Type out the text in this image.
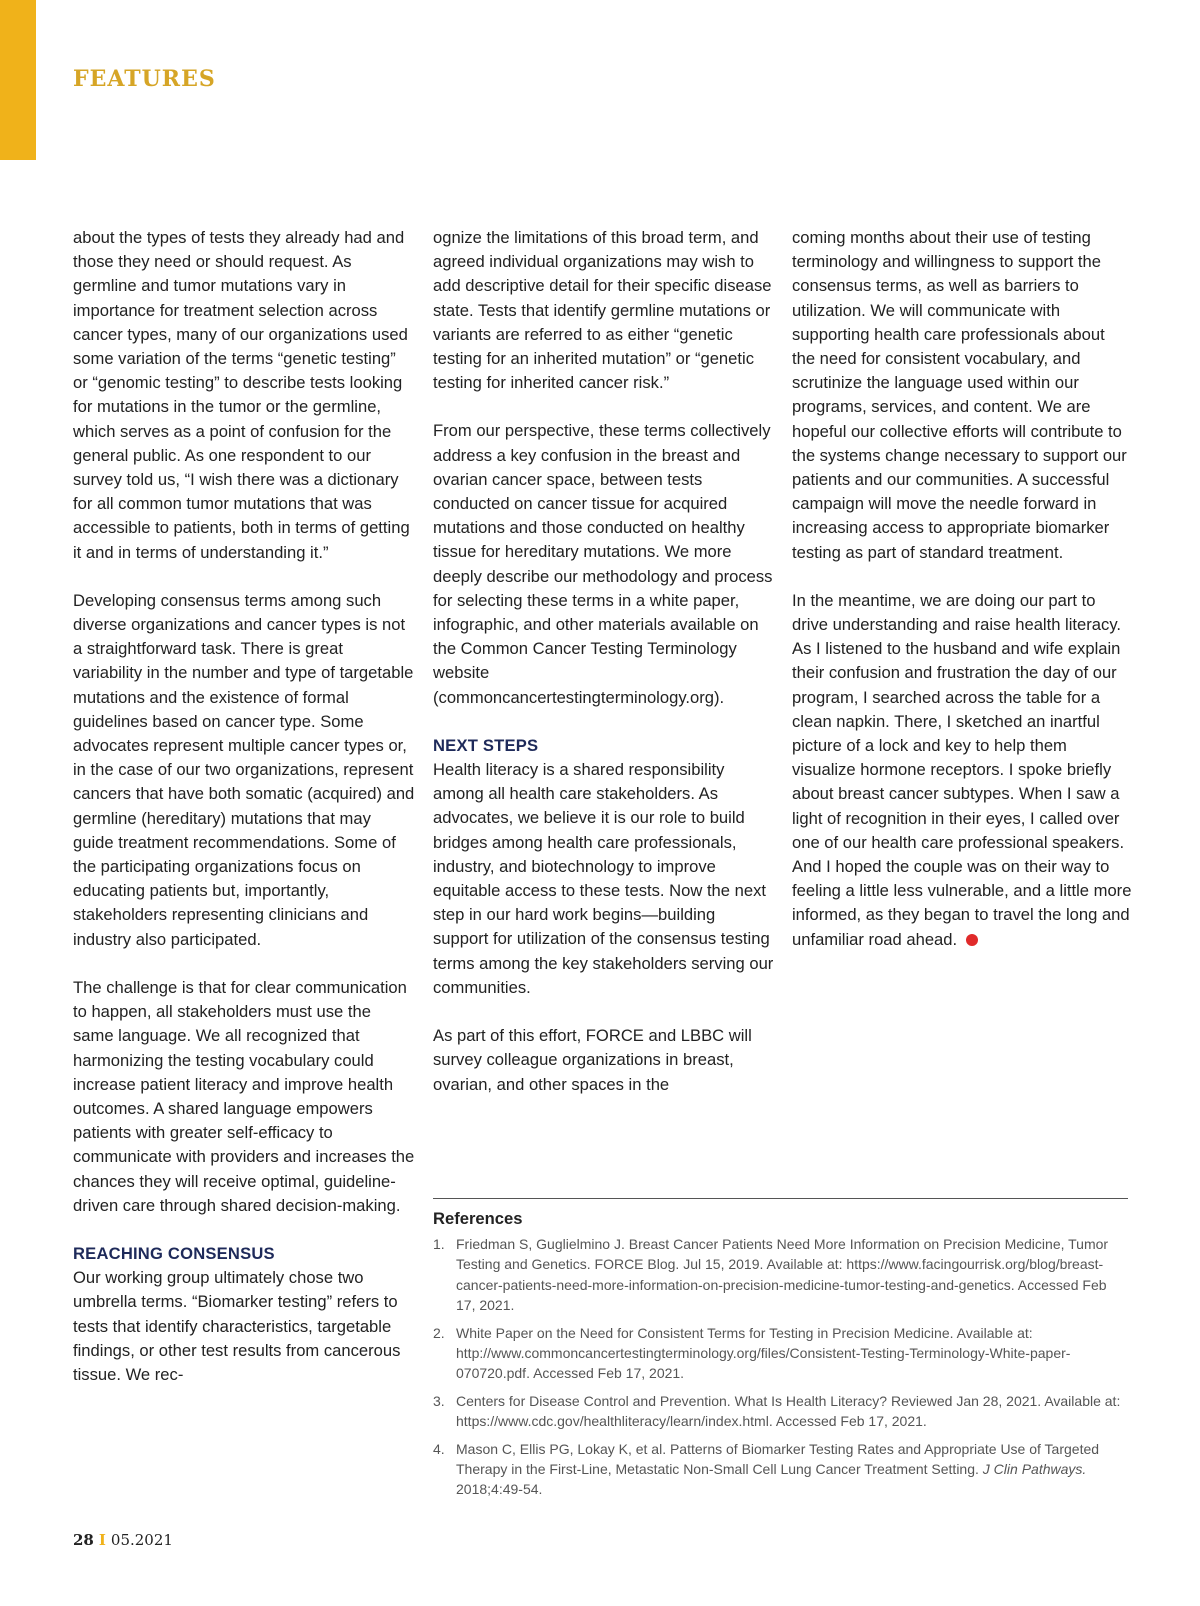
FEATURES

about the types of tests they already had and those they need or should request. As germline and tumor mutations vary in importance for treatment selection across cancer types, many of our organizations used some variation of the terms “genetic testing” or “genomic testing” to describe tests looking for mutations in the tumor or the germline, which serves as a point of confusion for the general public. As one respondent to our survey told us, “I wish there was a dictionary for all common tumor mutations that was accessible to patients, both in terms of getting it and in terms of understanding it.”

Developing consensus terms among such diverse organizations and cancer types is not a straightforward task. There is great variability in the number and type of targetable mutations and the existence of formal guidelines based on cancer type. Some advocates represent multiple cancer types or, in the case of our two organizations, represent cancers that have both somatic (acquired) and germline (hereditary) mutations that may guide treatment recommendations. Some of the participating organizations focus on educating patients but, importantly, stakeholders representing clinicians and industry also participated.

The challenge is that for clear communication to happen, all stakeholders must use the same language. We all recognized that harmonizing the testing vocabulary could increase patient literacy and improve health outcomes. A shared language empowers patients with greater self-efficacy to communicate with providers and increases the chances they will receive optimal, guideline-driven care through shared decision-making.

REACHING CONSENSUS

Our working group ultimately chose two umbrella terms. “Biomarker testing” refers to tests that identify characteristics, targetable findings, or other test results from cancerous tissue. We rec-

ognize the limitations of this broad term, and agreed individual organizations may wish to add descriptive detail for their specific disease state. Tests that identify germline mutations or variants are referred to as either “genetic testing for an inherited mutation” or “genetic testing for inherited cancer risk.”

From our perspective, these terms collectively address a key confusion in the breast and ovarian cancer space, between tests conducted on cancer tissue for acquired mutations and those conducted on healthy tissue for hereditary mutations. We more deeply describe our methodology and process for selecting these terms in a white paper, infographic, and other materials available on the Common Cancer Testing Terminology website (commoncancertestingterminology.org).

NEXT STEPS

Health literacy is a shared responsibility among all health care stakeholders. As advocates, we believe it is our role to build bridges among health care professionals, industry, and biotechnology to improve equitable access to these tests. Now the next step in our hard work begins—building support for utilization of the consensus testing terms among the key stakeholders serving our communities.

As part of this effort, FORCE and LBBC will survey colleague organizations in breast, ovarian, and other spaces in the

coming months about their use of testing terminology and willingness to support the consensus terms, as well as barriers to utilization. We will communicate with supporting health care professionals about the need for consistent vocabulary, and scrutinize the language used within our programs, services, and content. We are hopeful our collective efforts will contribute to the systems change necessary to support our patients and our communities. A successful campaign will move the needle forward in increasing access to appropriate biomarker testing as part of standard treatment.

In the meantime, we are doing our part to drive understanding and raise health literacy. As I listened to the husband and wife explain their confusion and frustration the day of our program, I searched across the table for a clean napkin. There, I sketched an inartful picture of a lock and key to help them visualize hormone receptors. I spoke briefly about breast cancer subtypes. When I saw a light of recognition in their eyes, I called over one of our health care professional speakers. And I hoped the couple was on their way to feeling a little less vulnerable, and a little more informed, as they began to travel the long and unfamiliar road ahead.

References
1. Friedman S, Guglielmino J. Breast Cancer Patients Need More Information on Precision Medicine, Tumor Testing and Genetics. FORCE Blog. Jul 15, 2019. Available at: https://www.facingourrisk.org/blog/breast-cancer-patients-need-more-information-on-precision-medicine-tumor-testing-and-genetics. Accessed Feb 17, 2021.
2. White Paper on the Need for Consistent Terms for Testing in Precision Medicine. Available at: http://www.commoncancertestingterminology.org/files/Consistent-Testing-Terminology-White-paper-070720.pdf. Accessed Feb 17, 2021.
3. Centers for Disease Control and Prevention. What Is Health Literacy? Reviewed Jan 28, 2021. Available at: https://www.cdc.gov/healthliteracy/learn/index.html. Accessed Feb 17, 2021.
4. Mason C, Ellis PG, Lokay K, et al. Patterns of Biomarker Testing Rates and Appropriate Use of Targeted Therapy in the First-Line, Metastatic Non-Small Cell Lung Cancer Treatment Setting. J Clin Pathways. 2018;4:49-54.
28 I 05.2021
